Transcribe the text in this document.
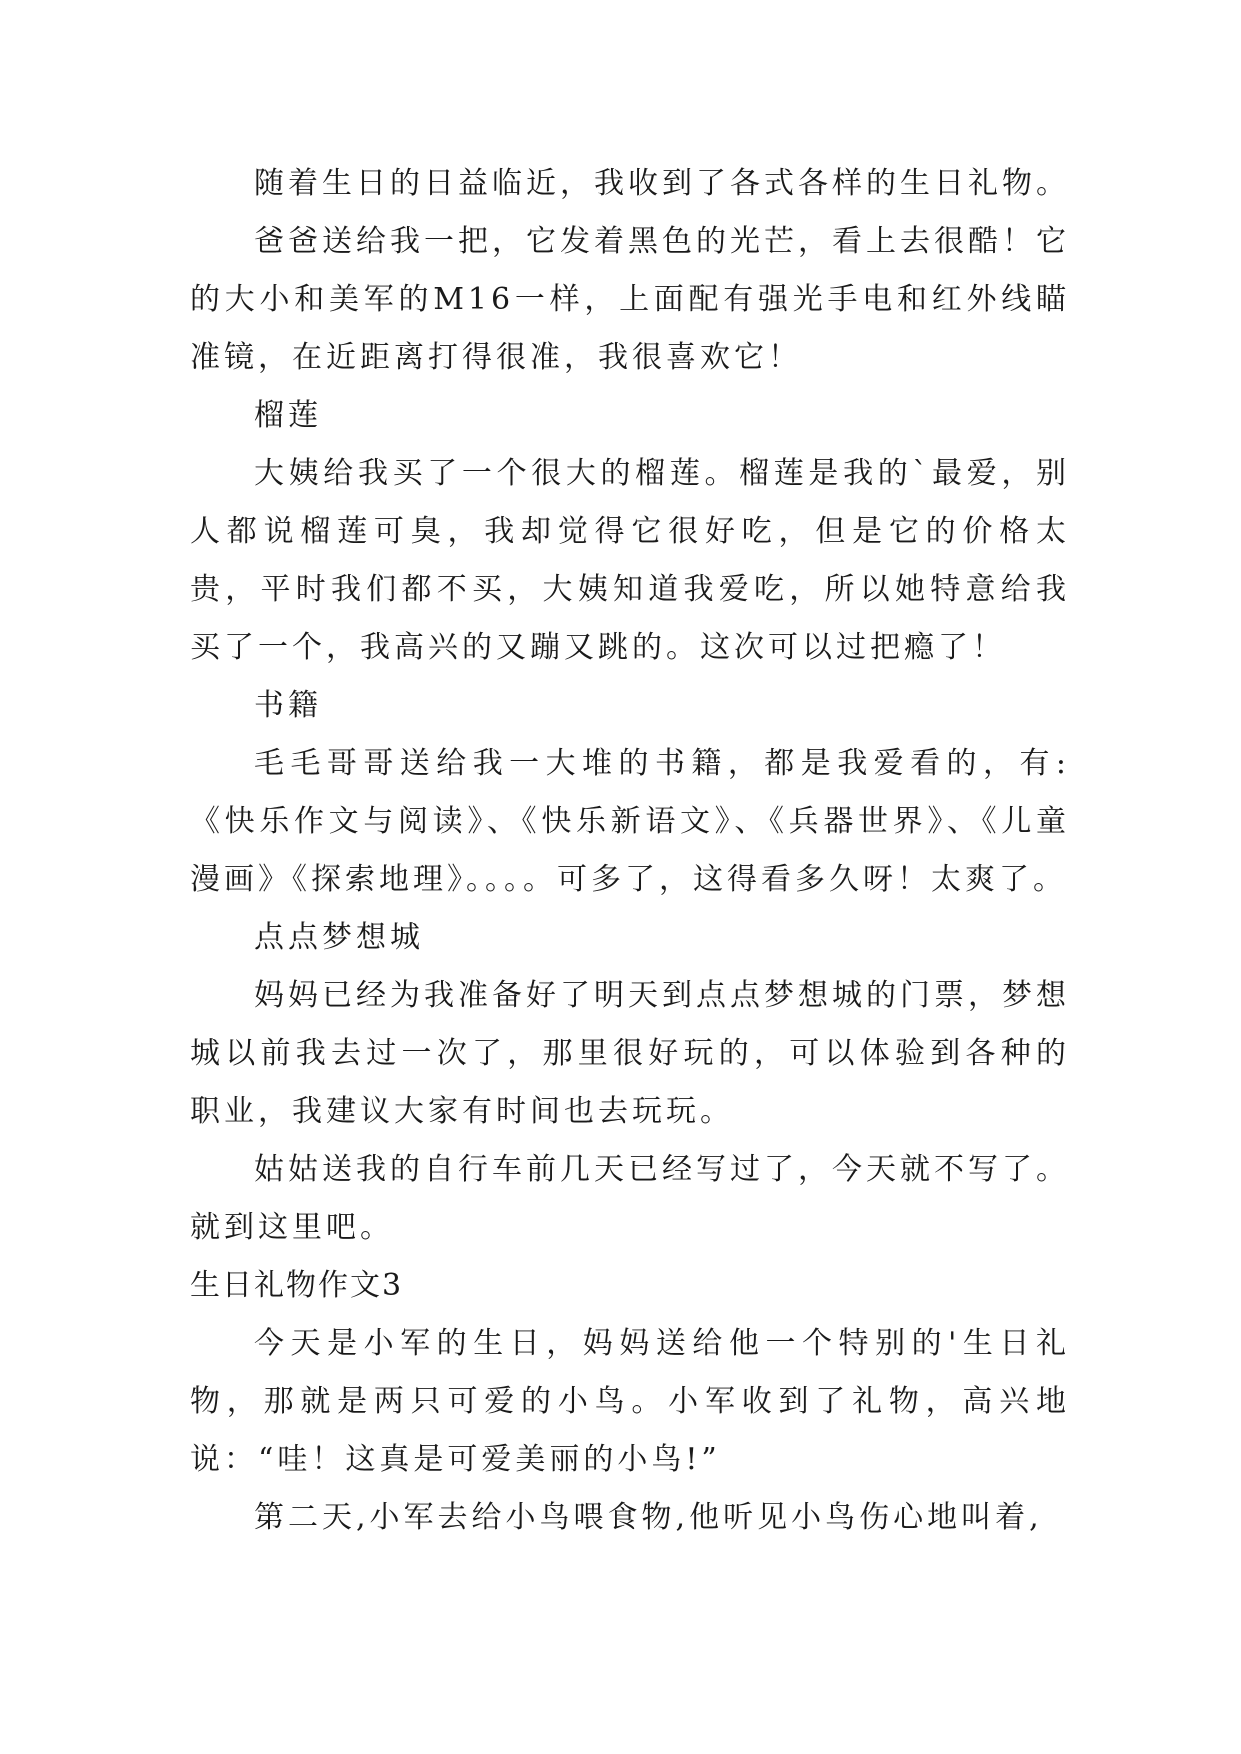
随着生日的日益临近，我收到了各式各样的生日礼物。

爸爸送给我一把，它发着黑色的光芒，看上去很酷！它的大小和美军的M16一样，上面配有强光手电和红外线瞄准镜，在近距离打得很准，我很喜欢它！

榴莲

大姨给我买了一个很大的榴莲。榴莲是我的`最爱，别人都说榴莲可臭，我却觉得它很好吃，但是它的价格太贵，平时我们都不买，大姨知道我爱吃，所以她特意给我买了一个，我高兴的又蹦又跳的。这次可以过把瘾了！

书籍

毛毛哥哥送给我一大堆的书籍，都是我爱看的，有:《快乐作文与阅读》、《快乐新语文》、《兵器世界》、《儿童漫画》《探索地理》。。。。可多了，这得看多久呀！太爽了。

点点梦想城

妈妈已经为我准备好了明天到点点梦想城的门票，梦想城以前我去过一次了，那里很好玩的，可以体验到各种的职业，我建议大家有时间也去玩玩。

姑姑送我的自行车前几天已经写过了，今天就不写了。就到这里吧。

生日礼物作文3

今天是小军的生日，妈妈送给他一个特别的'生日礼物，那就是两只可爱的小鸟。小军收到了礼物，高兴地说：“哇！这真是可爱美丽的小鸟!”

第二天,小军去给小鸟喂食物,他听见小鸟伤心地叫着,
